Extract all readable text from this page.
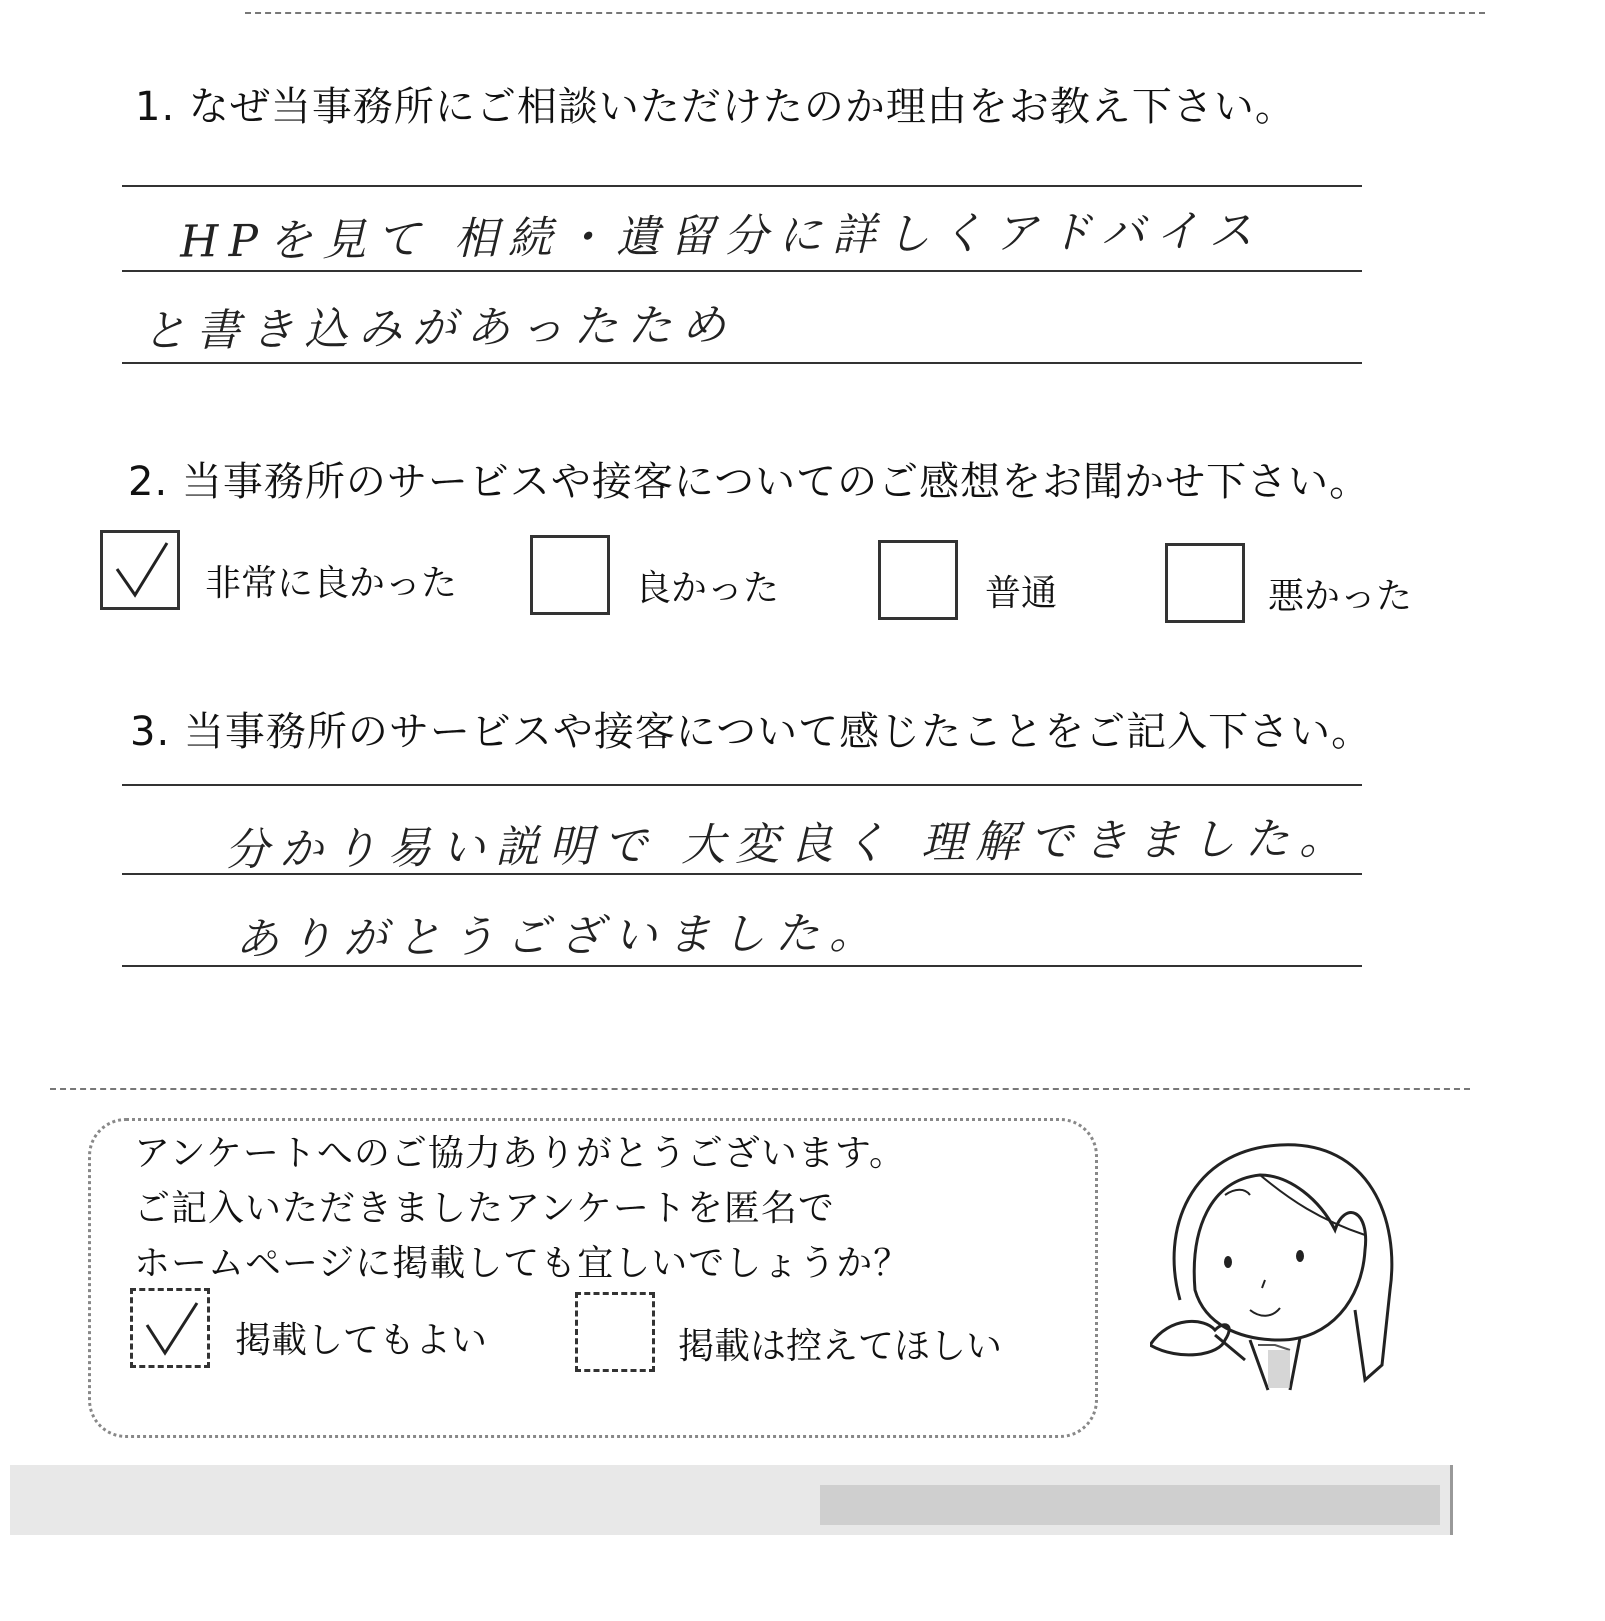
1. なぜ当事務所にご相談いただけたのか理由をお教え下さい。
HPを見て 相続・遺留分に詳しくアドバイス
と書き込みがあったため
2. 当事務所のサービスや接客についてのご感想をお聞かせ下さい。
非常に良かった	良かった	普通	悪かった
3. 当事務所のサービスや接客について感じたことをご記入下さい。
分かり易い説明で 大変良く 理解できました。
ありがとうございました。
アンケートへのご協力ありがとうございます。
ご記入いただきましたアンケートを匿名で
ホームページに掲載しても宜しいでしょうか？
掲載してもよい	掲載は控えてほしい
